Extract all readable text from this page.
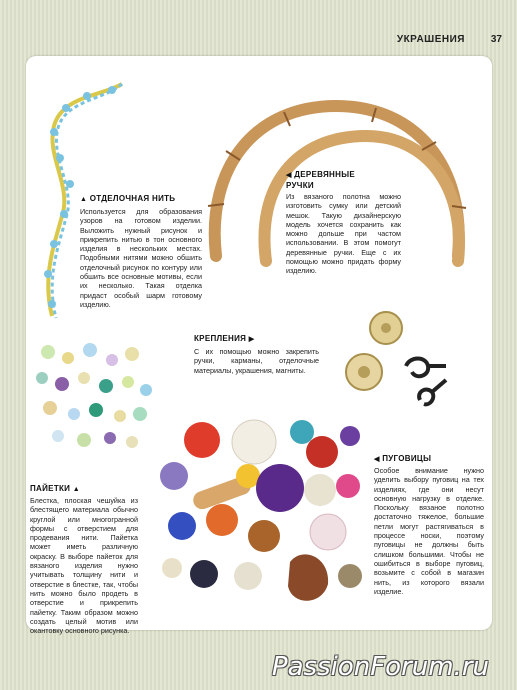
УКРАШЕНИЯ	37
▲ ОТДЕЛОЧНАЯ НИТЬ
Используется для образования узоров на готовом изделии. Выложить нужный рисунок и прикрепить нитью в тон основного изделия в нескольких местах. Подобными нитями можно обшить отделочный рисунок по контуру или обшить все основные мотивы, если их несколько. Такая отделка придаст особый шарм готовому изделию.
◀ ДЕРЕВЯННЫЕ
РУЧКИ
Из вязаного полотна можно изготовить сумку или детский мешок. Такую дизайнерскую модель хочется сохранить как можно дольше при частом использовании. В этом помогут деревянные ручки. Еще с их помощью можно придать форму изделию.
КРЕПЛЕНИЯ ▶
С их помощью можно закрепить ручки, карманы, отделочные материалы, украшения, магниты.
ПАЙЕТКИ ▲
Блестка, плоская чешуйка из блестящего материала обычно круглой или многогранной формы с отверстием для продевания нити. Пайетка может иметь различную окраску. В выборе пайеток для вязаного изделия нужно учитывать толщину нити и отверстие в блестке, так, чтобы нить можно было продеть в отверстие и прикрепить пайетку. Таким образом можно создать целый мотив или окантовку основного рисунка.
◀ ПУГОВИЦЫ
Особое внимание нужно уделить выбору пуговиц на тех изделиях, где они несут основную нагрузку в отделке. Поскольку вязаное полотно достаточно тяжелое, большие петли могут растягиваться в процессе носки, поэтому пуговицы не должны быть слишком большими. Чтобы не ошибиться в выборе пуговиц, возьмите с собой в магазин нить, из которого вязали изделие.
PassionForum.ru
